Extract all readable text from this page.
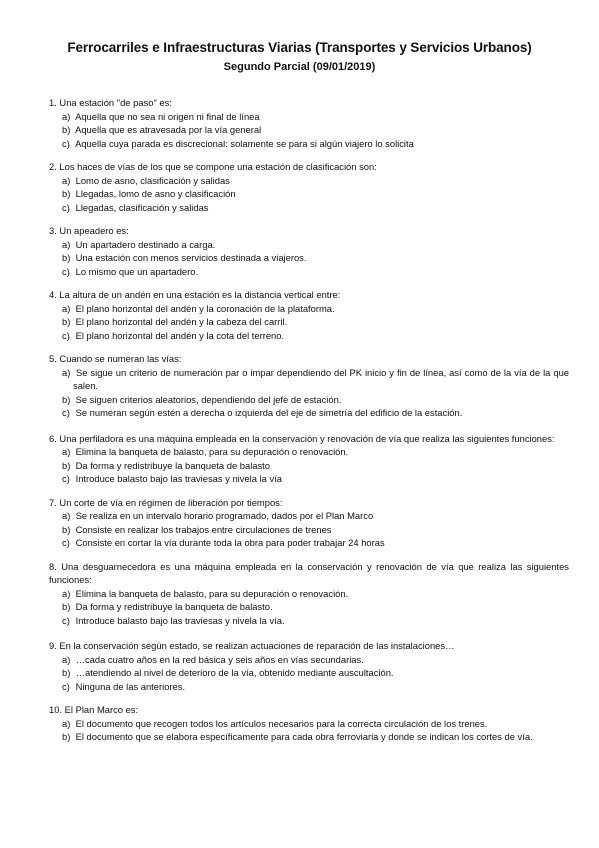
Ferrocarriles e Infraestructuras Viarias (Transportes y Servicios Urbanos)
Segundo Parcial (09/01/2019)
1. Una estación "de paso" es:
a) Aquella que no sea ni origen ni final de línea
b) Aquella que es atravesada por la vía general
c) Aquella cuya parada es discrecional: solamente se para si algún viajero lo solicita
2. Los haces de vías de los que se compone una estación de clasificación son:
a) Lomo de asno, clasificación y salidas
b) Llegadas, lomo de asno y clasificación
c) Llegadas, clasificación y salidas
3. Un apeadero es:
a) Un apartadero destinado a carga.
b) Una estación con menos servicios destinada a viajeros.
c) Lo mismo que un apartadero.
4. La altura de un andén en una estación es la distancia vertical entre:
a) El plano horizontal del andén y la coronación de la plataforma.
b) El plano horizontal del andén y la cabeza del carril.
c) El plano horizontal del andén y la cota del terreno.
5. Cuando se numeran las vías:
a) Se sigue un criterio de numeración par o impar dependiendo del PK inicio y fin de línea, así como de la vía de la que salen.
b) Se siguen criterios aleatorios, dependiendo del jefe de estación.
c) Se numeran según estén a derecha o izquierda del eje de simetría del edificio de la estación.
6. Una perfiladora es una máquina empleada en la conservación y renovación de vía que realiza las siguientes funciones:
a) Elimina la banqueta de balasto, para su depuración o renovación.
b) Da forma y redistribuye la banqueta de balasto
c) Introduce balasto bajo las traviesas y nivela la vía
7. Un corte de vía en régimen de liberación por tiempos:
a) Se realiza en un intervalo horario programado, dados por el Plan Marco
b) Consiste en realizar los trabajos entre circulaciones de trenes
c) Consiste en cortar la vía durante toda la obra para poder trabajar 24 horas
8. Una desguarnecedora es una máquina empleada en la conservación y renovación de vía que realiza las siguientes funciones:
a) Elimina la banqueta de balasto, para su depuración o renovación.
b) Da forma y redistribuye la banqueta de balasto.
c) Introduce balasto bajo las traviesas y nivela la vía.
9. En la conservación según estado, se realizan actuaciones de reparación de las instalaciones…
a) …cada cuatro años en la red básica y seis años en vías secundarias.
b) …atendiendo al nivel de deterioro de la vía, obtenido mediante auscultación.
c) Ninguna de las anteriores.
10. El Plan Marco es:
a) El documento que recogen todos los artículos necesarios para la correcta circulación de los trenes.
b) El documento que se elabora específicamente para cada obra ferroviaria y donde se indican los cortes de vía.
